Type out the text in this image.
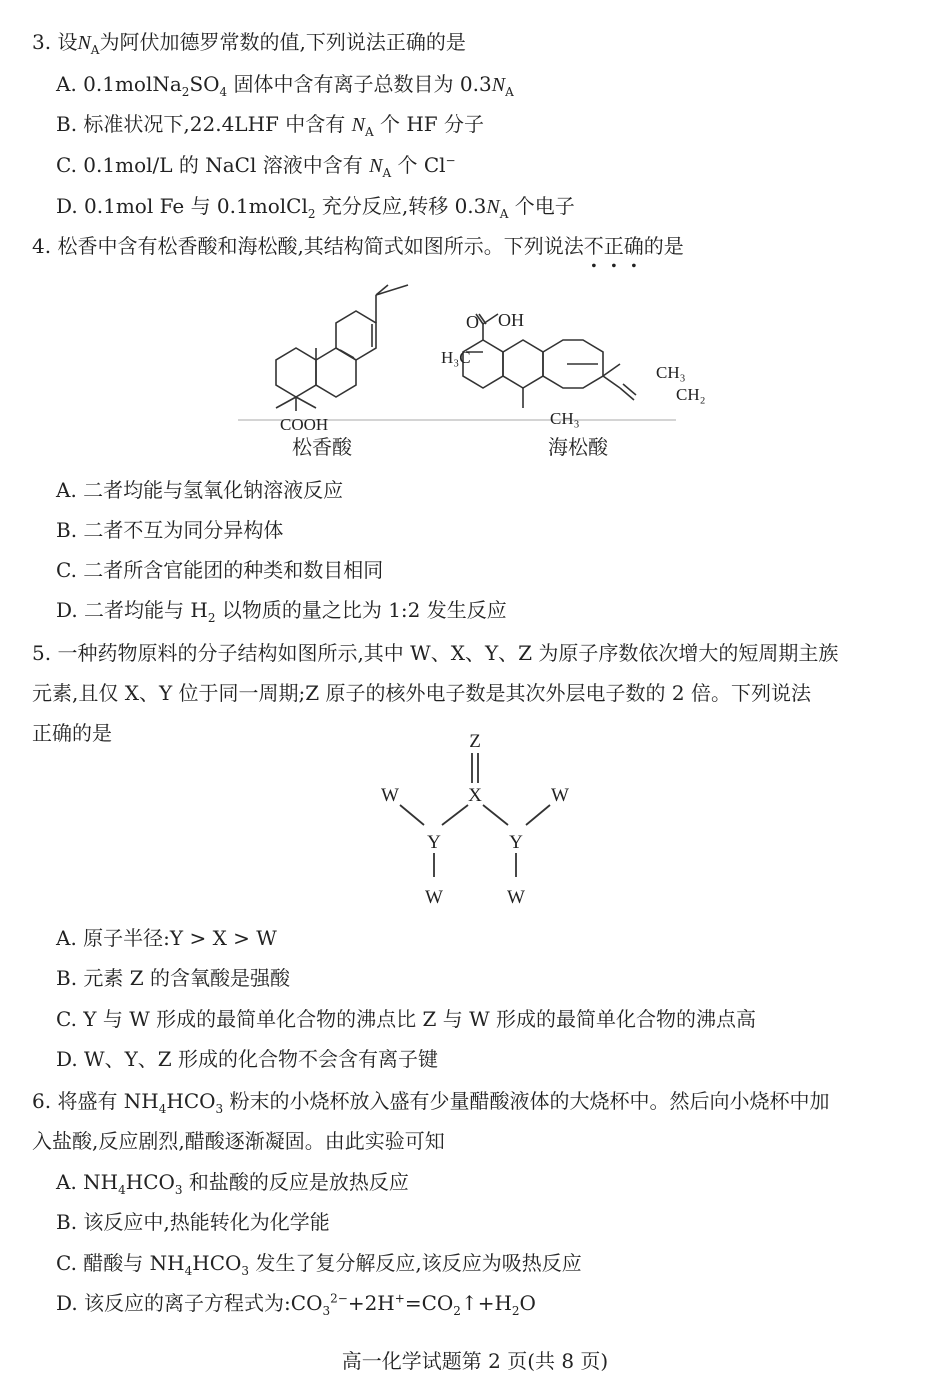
3. 设$N_A$为阿伏加德罗常数的值,下列说法正确的是
A. $0.1molNa_2SO_4$ 固体中含有离子总数目为 $0.3N_A$
B. 标准状况下,22.4LHF 中含有 $N_A$ 个 HF 分子
C. 0.1mol/L 的 NaCl 溶液中含有 $N_A$ 个 Cl−
D. 0.1mol Fe 与 0.1molCl$_2$ 充分反应,转移 $0.3N_A$ 个电子
4. 松香中含有松香酸和海松酸,其结构简式如图所示。下列说法不正确的是
COOH
松香酸
O OH
H₃C
CH₃
CH₃
CH₂
海松酸
A. 二者均能与氢氧化钠溶液反应
B. 二者不互为同分异构体
C. 二者所含官能团的种类和数目相同
D. 二者均能与 $H_2$ 以物质的量之比为 1:2 发生反应
5. 一种药物原料的分子结构如图所示,其中 W、X、Y、Z 为原子序数依次增大的短周期主族
元素,且仅 X、Y 位于同一周期;Z 原子的核外电子数是其次外层电子数的 2 倍。下列说法
正确的是	Z
X
W	W
Y	Y
W	W
A. 原子半径:Y > X > W
B. 元素 Z 的含氧酸是强酸
C. Y 与 W 形成的最简单化合物的沸点比 Z 与 W 形成的最简单化合物的沸点高
D. W、Y、Z 形成的化合物不会含有离子键
6. 将盛有 $NH_4HCO_3$ 粉末的小烧杯放入盛有少量醋酸液体的大烧杯中。然后向小烧杯中加
入盐酸,反应剧烈,醋酸逐渐凝固。由此实验可知
A. $NH_4HCO_3$ 和盐酸的反应是放热反应
B. 该反应中,热能转化为化学能
C. 醋酸与 $NH_4HCO_3$ 发生了复分解反应,该反应为吸热反应
D. 该反应的离子方程式为$:CO_3^{2-}+2H^+=CO_2↑+H_2O$
高一化学试题第 2 页(共 8 页)
